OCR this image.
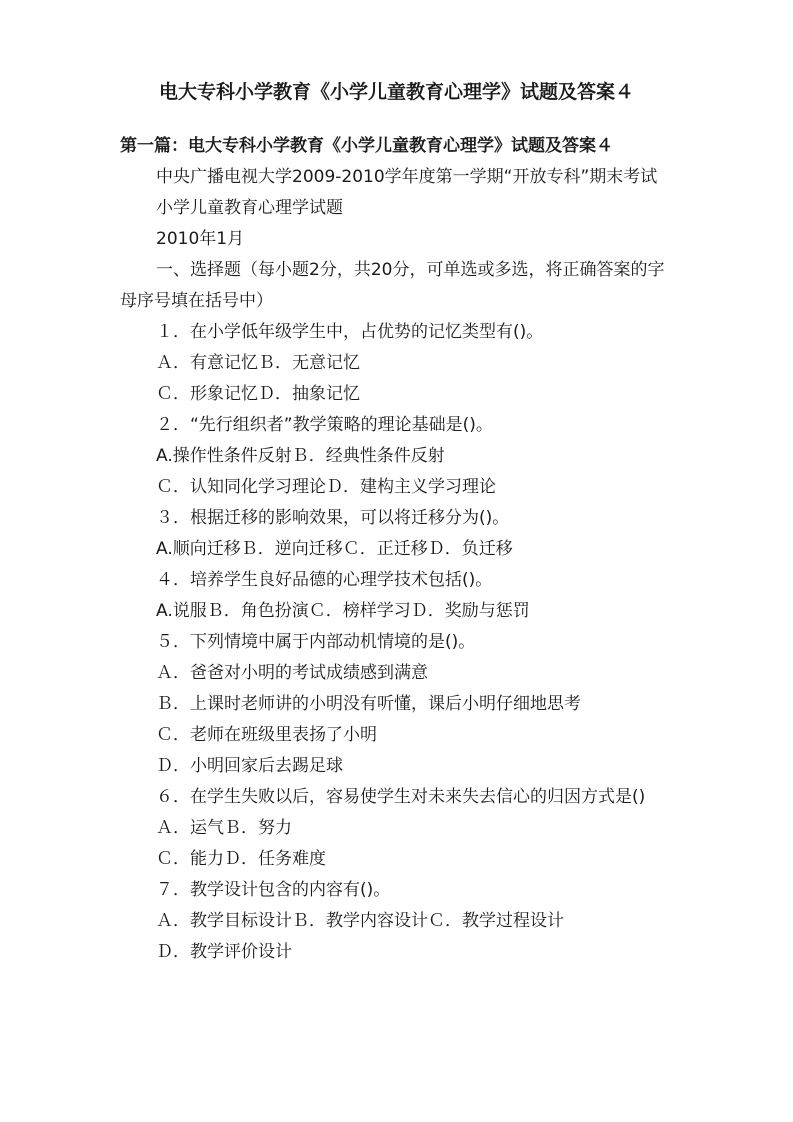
电大专科小学教育《小学儿童教育心理学》试题及答案４
第一篇：电大专科小学教育《小学儿童教育心理学》试题及答案４

中央广播电视大学2009-2010学年度第一学期“开放专科”期末考试

小学儿童教育心理学试题

2010年1月

一、选择题（每小题2分，共20分，可单选或多选，将正确答案的字母序号填在括号中）

１．在小学低年级学生中，占优势的记忆类型有()。

Ａ．有意记忆Ｂ．无意记忆

Ｃ．形象记忆Ｄ．抽象记忆

２．“先行组织者”教学策略的理论基础是()。

A.操作性条件反射Ｂ．经典性条件反射

Ｃ．认知同化学习理论Ｄ．建构主义学习理论

３．根据迁移的影响效果，可以将迁移分为()。

A.顺向迁移Ｂ．逆向迁移Ｃ．正迁移Ｄ．负迁移

４．培养学生良好品德的心理学技术包括()。

A.说服Ｂ．角色扮演Ｃ．榜样学习Ｄ．奖励与惩罚

５．下列情境中属于内部动机情境的是()。

Ａ．爸爸对小明的考试成绩感到满意

Ｂ．上课时老师讲的小明没有听懂，课后小明仔细地思考

Ｃ．老师在班级里表扬了小明

Ｄ．小明回家后去踢足球

６．在学生失败以后，容易使学生对未来失去信心的归因方式是()

Ａ．运气Ｂ．努力

Ｃ．能力Ｄ．任务难度

７．教学设计包含的内容有()。

Ａ．教学目标设计Ｂ．教学内容设计Ｃ．教学过程设计

Ｄ．教学评价设计
